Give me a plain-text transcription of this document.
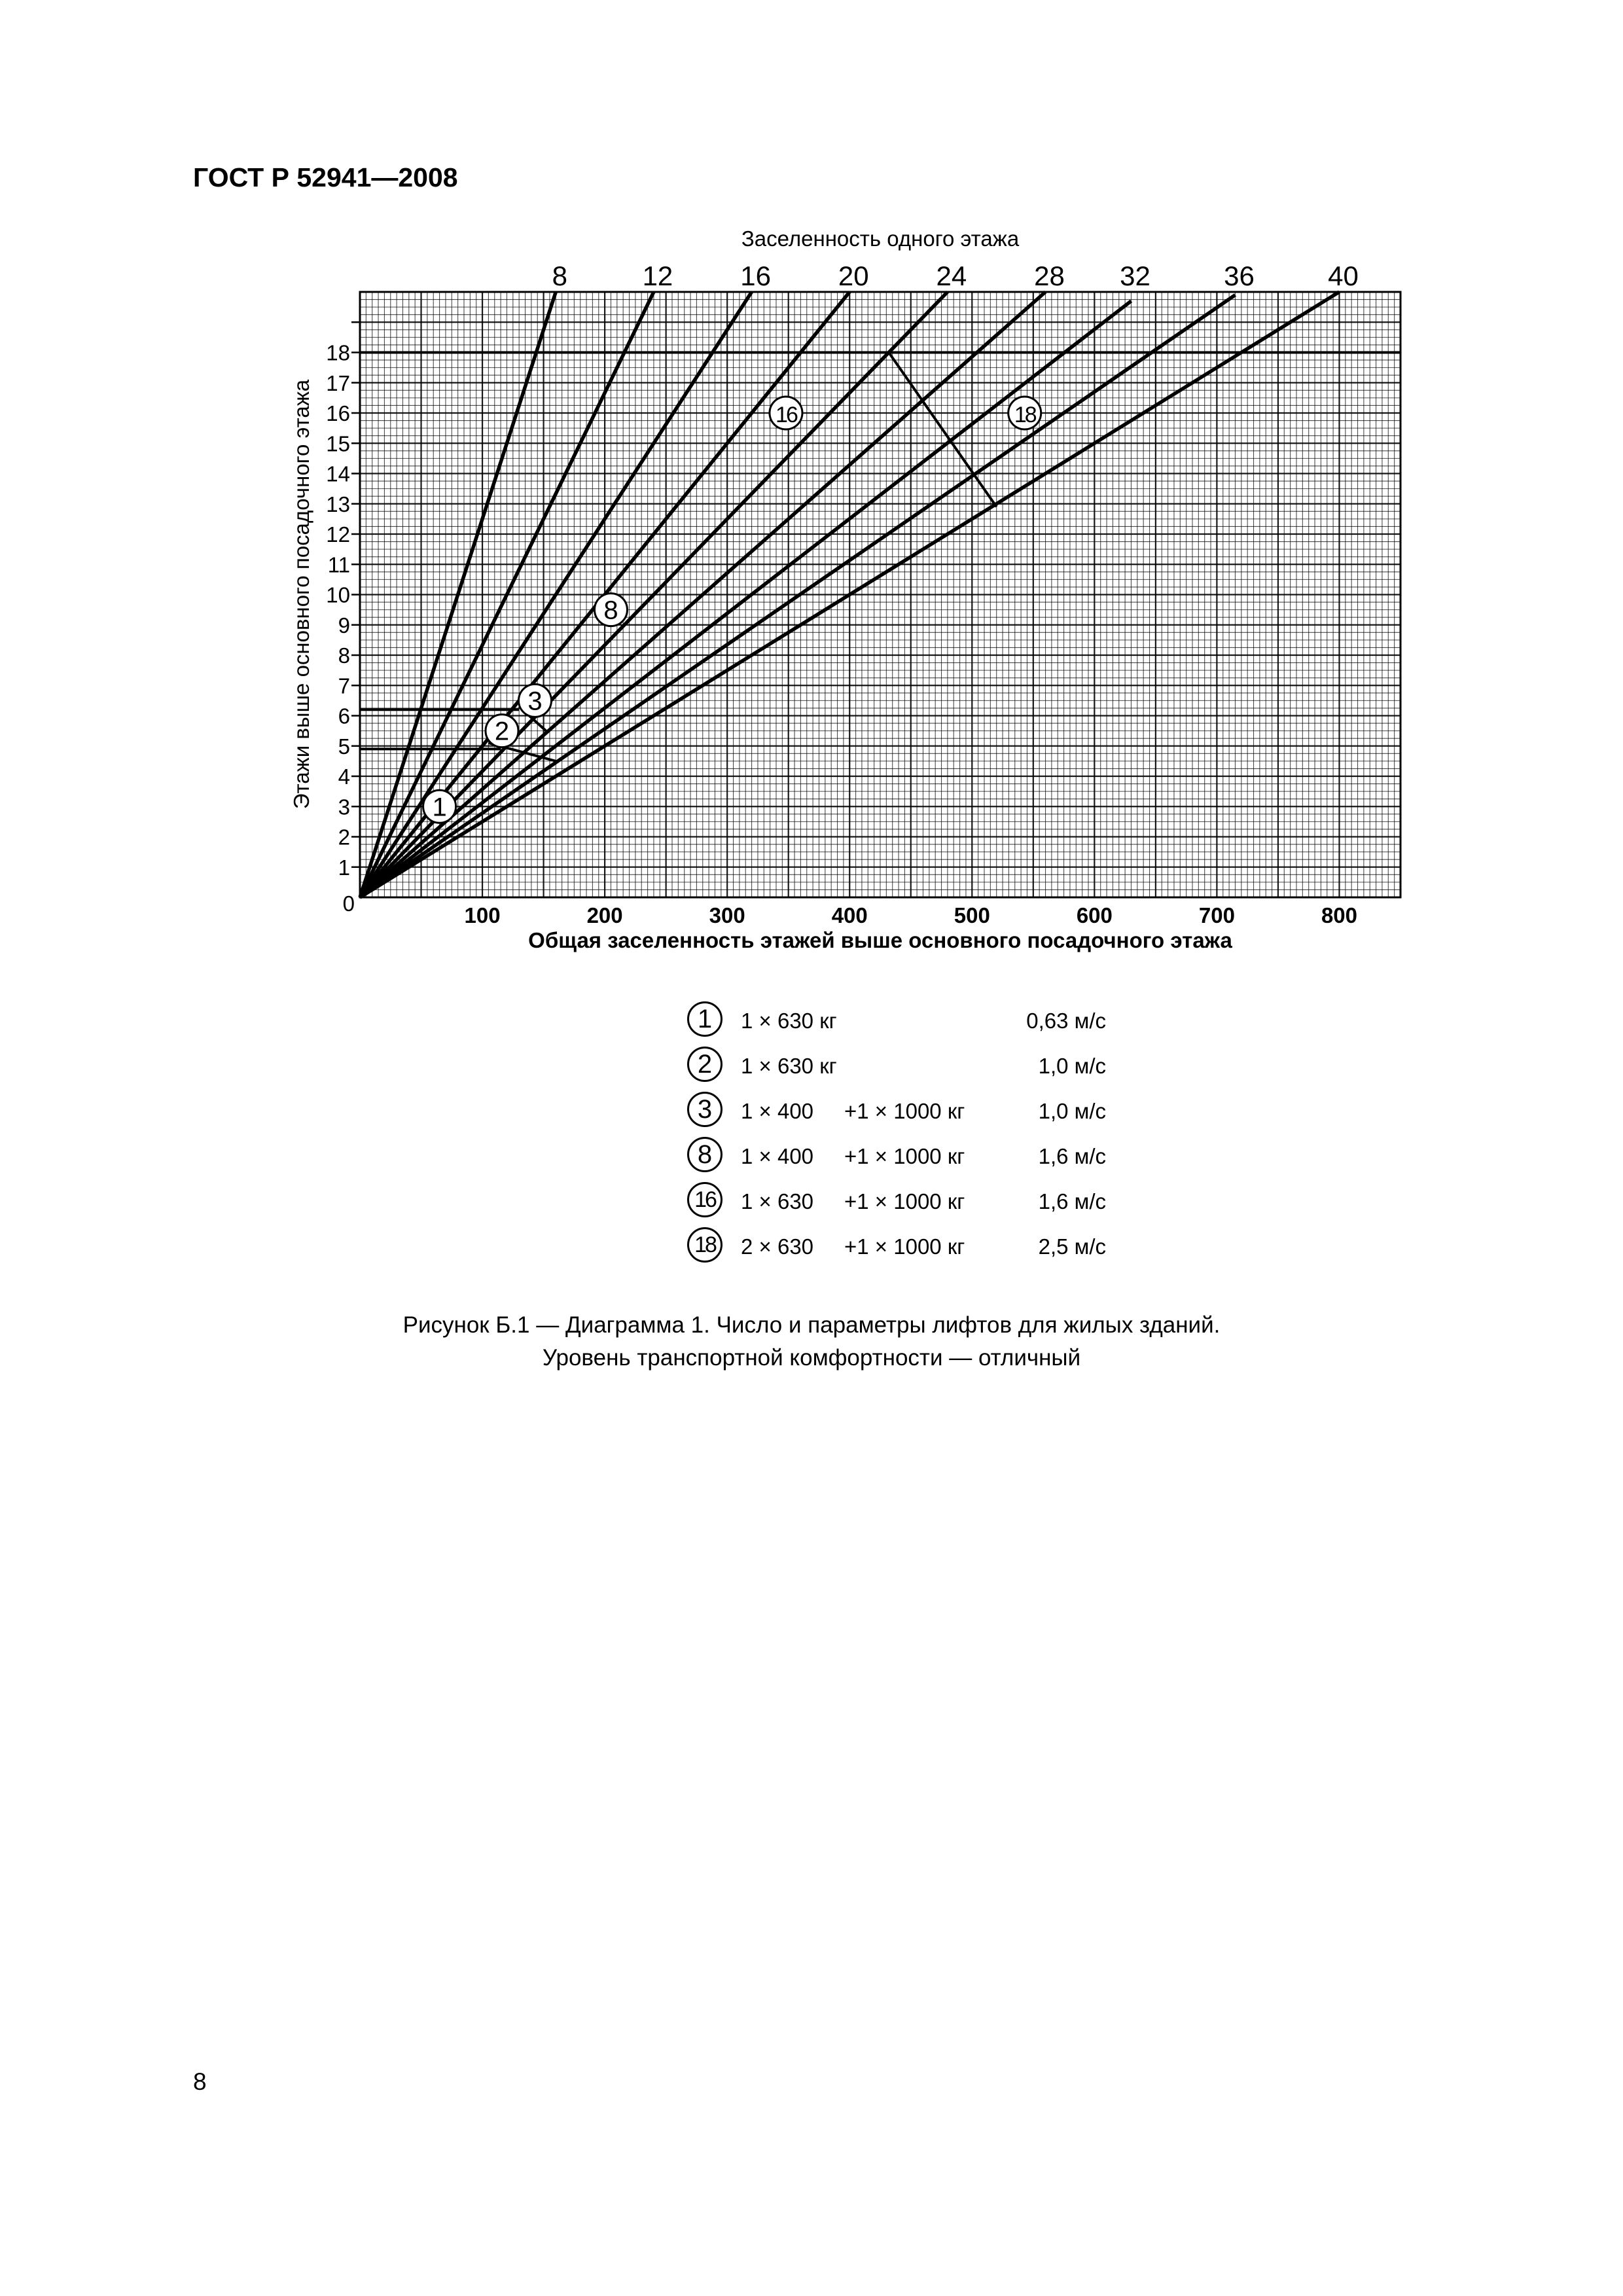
ГОСТ Р 52941—2008
100	200	300	400	500	600	700	800
0
1
2
3
4
5
6
7
8
9
10
11
12
13
14
15
16
17
18
8	12 16 20 24 28 32	36	40
1
2
3
8
16	18
Заселенность одного этажа
Общая заселенность этажей выше основного посадочного этажа
Этажи выше основного посадочного этажа
1	1 × 630 кг	0,63 м/с
2	1 × 630 кг	1,0 м/с
3	1 × 400 +1 × 1000 кг	1,0 м/с
8	1 × 400 +1 × 1000 кг	1,6 м/с
16	1 × 630 +1 × 1000 кг	1,6 м/с
18	2 × 630 +1 × 1000 кг	2,5 м/с
Рисунок Б.1 — Диаграмма 1. Число и параметры лифтов для жилых зданий.
Уровень транспортной комфортности — отличный
8
